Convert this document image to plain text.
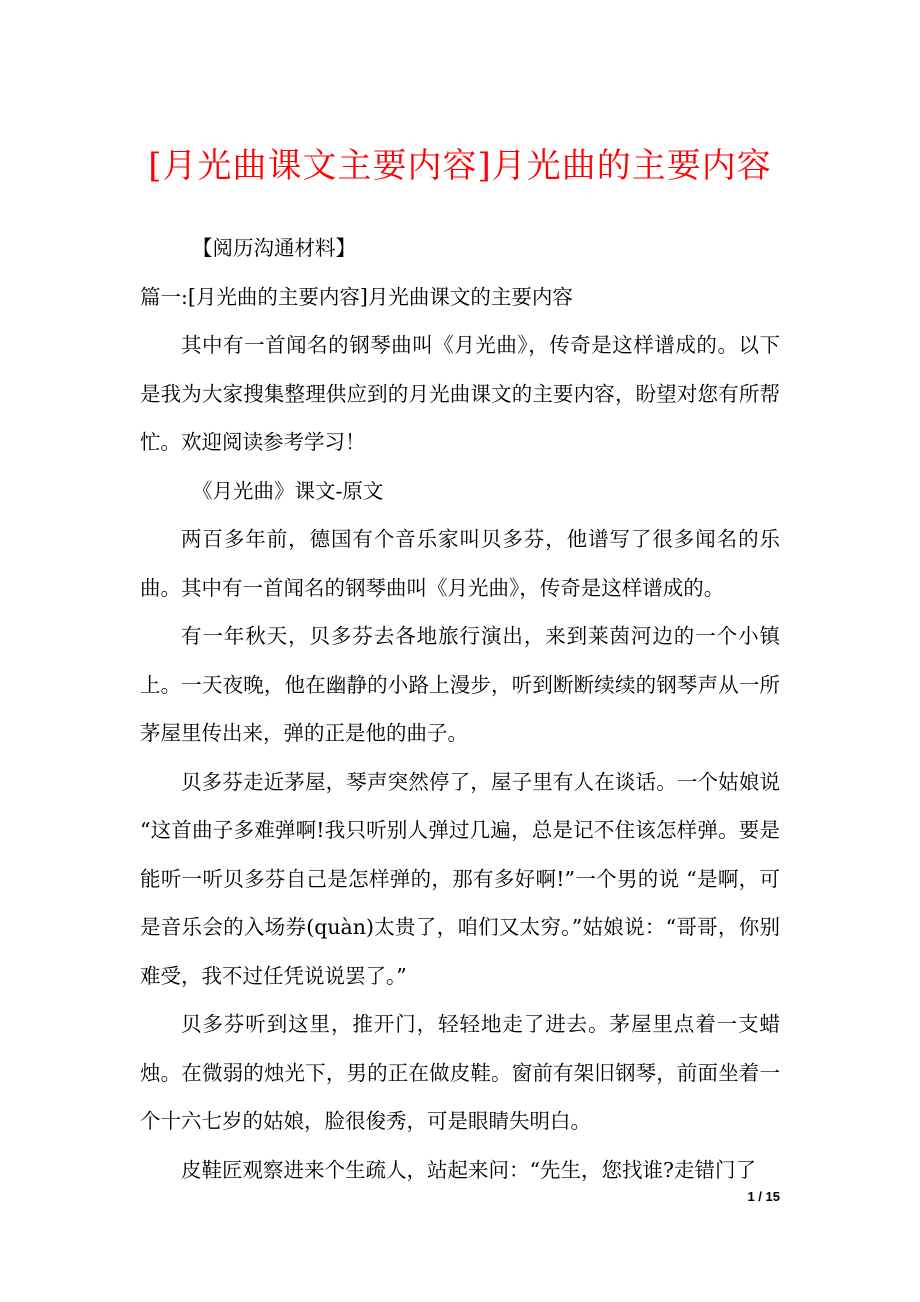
[月光曲课文主要内容]月光曲的主要内容

【阅历沟通材料】

篇一:[月光曲的主要内容]月光曲课文的主要内容

其中有一首闻名的钢琴曲叫《月光曲》，传奇是这样谱成的。以下是我为大家搜集整理供应到的月光曲课文的主要内容，盼望对您有所帮忙。欢迎阅读参考学习！

《月光曲》课文-原文

两百多年前，德国有个音乐家叫贝多芬，他谱写了很多闻名的乐曲。其中有一首闻名的钢琴曲叫《月光曲》，传奇是这样谱成的。

有一年秋天，贝多芬去各地旅行演出，来到莱茵河边的一个小镇上。一天夜晚，他在幽静的小路上漫步，听到断断续续的钢琴声从一所茅屋里传出来，弹的正是他的曲子。

贝多芬走近茅屋，琴声突然停了，屋子里有人在谈话。一个姑娘说 “这首曲子多难弹啊!我只听别人弹过几遍，总是记不住该怎样弹。要是能听一听贝多芬自己是怎样弹的，那有多好啊!”一个男的说 “是啊，可是音乐会的入场券(quàn)太贵了，咱们又太穷。”姑娘说：“哥哥，你别难受，我不过任凭说说罢了。”

贝多芬听到这里，推开门，轻轻地走了进去。茅屋里点着一支蜡烛。在微弱的烛光下，男的正在做皮鞋。窗前有架旧钢琴，前面坐着一个十六七岁的姑娘，脸很俊秀，可是眼睛失明白。

皮鞋匠观察进来个生疏人，站起来问：“先生，您找谁?走错门了

1 / 15
